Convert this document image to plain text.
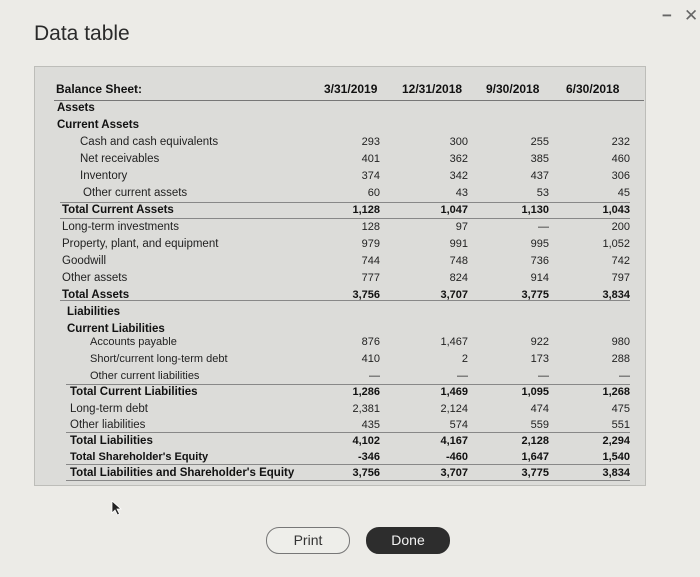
Data table
− ✕
Balance Sheet:	3/31/2019 12/31/2018 9/30/2018 6/30/2018
Assets
Current Assets
Cash and cash equivalents	293	300	255	232
Net receivables	401	362	385	460
Inventory	374	342	437	306
Other current assets	60	43	53	45
Total Current Assets	1,128	1,047	1,130	1,043
Long-term investments	128	97	—	200
Property, plant, and equipment	979	991	995	1,052
Goodwill	744	748	736	742
Other assets	777	824	914	797
Total Assets	3,756	3,707	3,775	3,834
Liabilities
Current Liabilities
Accounts payable	876	1,467	922	980
Short/current long-term debt	410	2	173	288
Other current liabilities	—	—	—	—
Total Current Liabilities	1,286	1,469	1,095	1,268
Long-term debt	2,381	2,124	474	475
Other liabilities	435	574	559	551
Total Liabilities	4,102	4,167	2,128	2,294
Total Shareholder's Equity	-346	-460	1,647	1,540
Total Liabilities and Shareholder's Equity	3,756	3,707	3,775	3,834
Print	Done
